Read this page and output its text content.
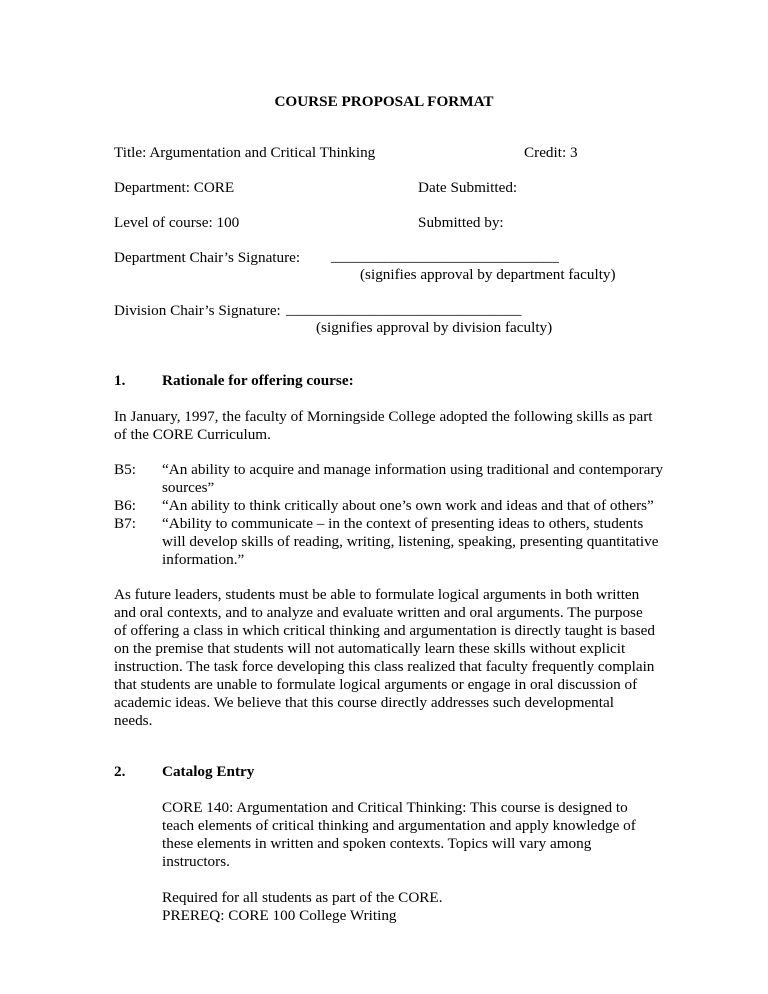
COURSE PROPOSAL FORMAT
Title: Argumentation and Critical Thinking	Credit: 3
Department: CORE	Date Submitted:
Level of course: 100	Submitted by:
Department Chair’s Signature: ______________________________
(signifies approval by department faculty)
Division Chair’s Signature: _______________________________
(signifies approval by division faculty)
1. Rationale for offering course:
In January, 1997, the faculty of Morningside College adopted the following skills as part
of the CORE Curriculum.
B5: “An ability to acquire and manage information using traditional and contemporary
sources”
B6: “An ability to think critically about one’s own work and ideas and that of others”
B7: “Ability to communicate – in the context of presenting ideas to others, students
will develop skills of reading, writing, listening, speaking, presenting quantitative
information.”
As future leaders, students must be able to formulate logical arguments in both written
and oral contexts, and to analyze and evaluate written and oral arguments. The purpose
of offering a class in which critical thinking and argumentation is directly taught is based
on the premise that students will not automatically learn these skills without explicit
instruction. The task force developing this class realized that faculty frequently complain
that students are unable to formulate logical arguments or engage in oral discussion of
academic ideas. We believe that this course directly addresses such developmental
needs.
2. Catalog Entry
CORE 140: Argumentation and Critical Thinking: This course is designed to
teach elements of critical thinking and argumentation and apply knowledge of
these elements in written and spoken contexts. Topics will vary among
instructors.
Required for all students as part of the CORE.
PREREQ: CORE 100 College Writing
